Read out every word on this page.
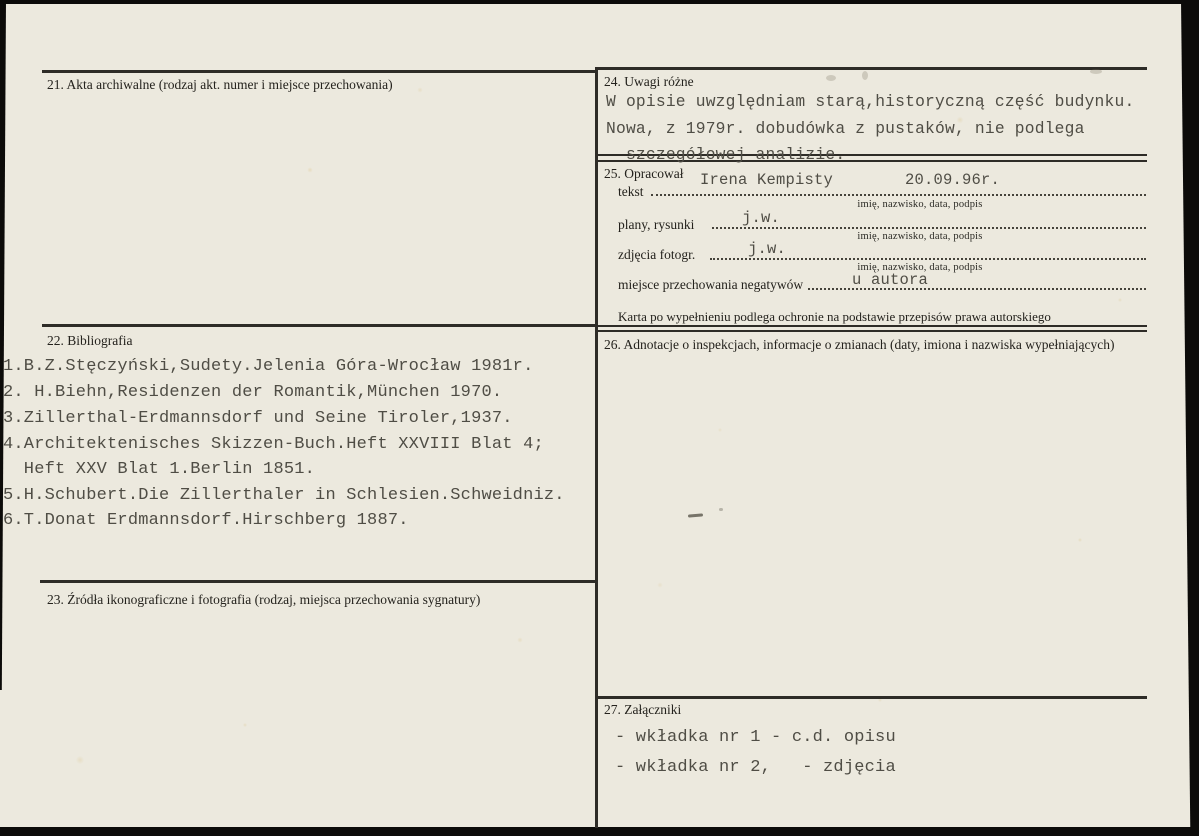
21. Akta archiwalne (rodzaj akt. numer i miejsce przechowania)
22. Bibliografia
1.B.Z.Stęczyński,Sudety.Jelenia Góra-Wrocław 1981r.
2. H.Biehn,Residenzen der Romantik,München 1970.
3.Zillerthal-Erdmannsdorf und Seine Tiroler,1937.
4.Architektenisches Skizzen-Buch.Heft XXVIII Blat 4;
Heft XXV Blat 1.Berlin 1851.
5.H.Schubert.Die Zillerthaler in Schlesien.Schweidniz.
6.T.Donat Erdmannsdorf.Hirschberg 1887.
23. Źródła ikonograficzne i fotografia (rodzaj, miejsca przechowania sygnatury)
24. Uwagi różne
W opisie uwzględniam starą,historyczną część budynku.
Nowa, z 1979r. dobudówka z pustaków, nie podlega
szczegółowej analizie.
25. Opracował
tekst
Irena Kempisty	20.09.96r.
imię, nazwisko, data, podpis
plany, rysunki	j.w.
imię, nazwisko, data, podpis
zdjęcia fotogr.	j.w.
imię, nazwisko, data, podpis
miejsce przechowania negatywów	u autora
Karta po wypełnieniu podlega ochronie na podstawie przepisów prawa autorskiego
26. Adnotacje o inspekcjach, informacje o zmianach (daty, imiona i nazwiska wypełniających)
27. Załączniki
- wkładka nr 1 - c.d. opisu
- wkładka nr 2,   - zdjęcia
